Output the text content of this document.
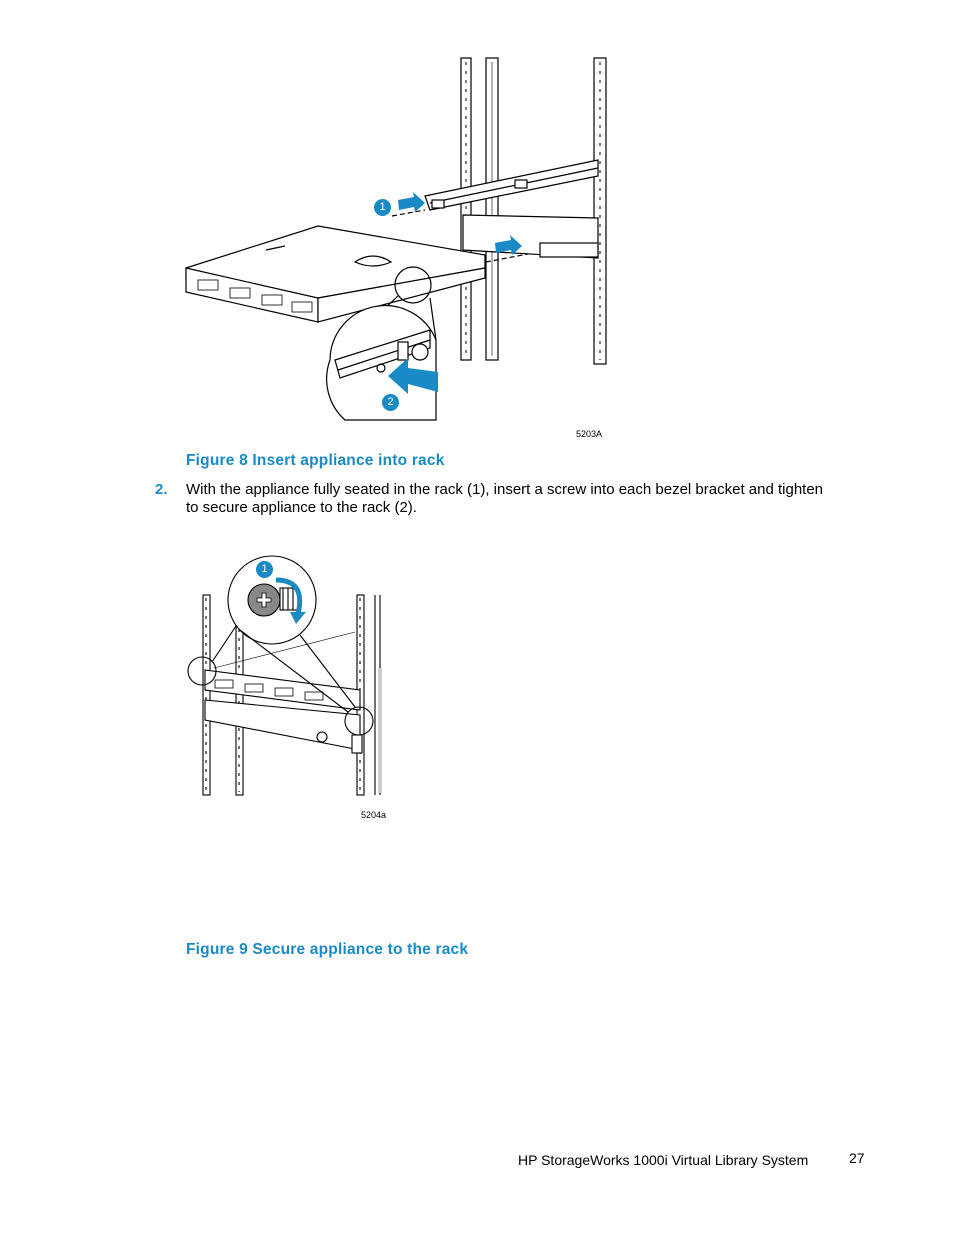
1
2
5203A
Figure 8 Insert appliance into rack
2. With the appliance fully seated in the rack (1), insert a screw into each bezel bracket and tighten
to secure appliance to the rack (2).
1
5204a
Figure 9 Secure appliance to the rack
HP StorageWorks 1000i Virtual Library System	27
